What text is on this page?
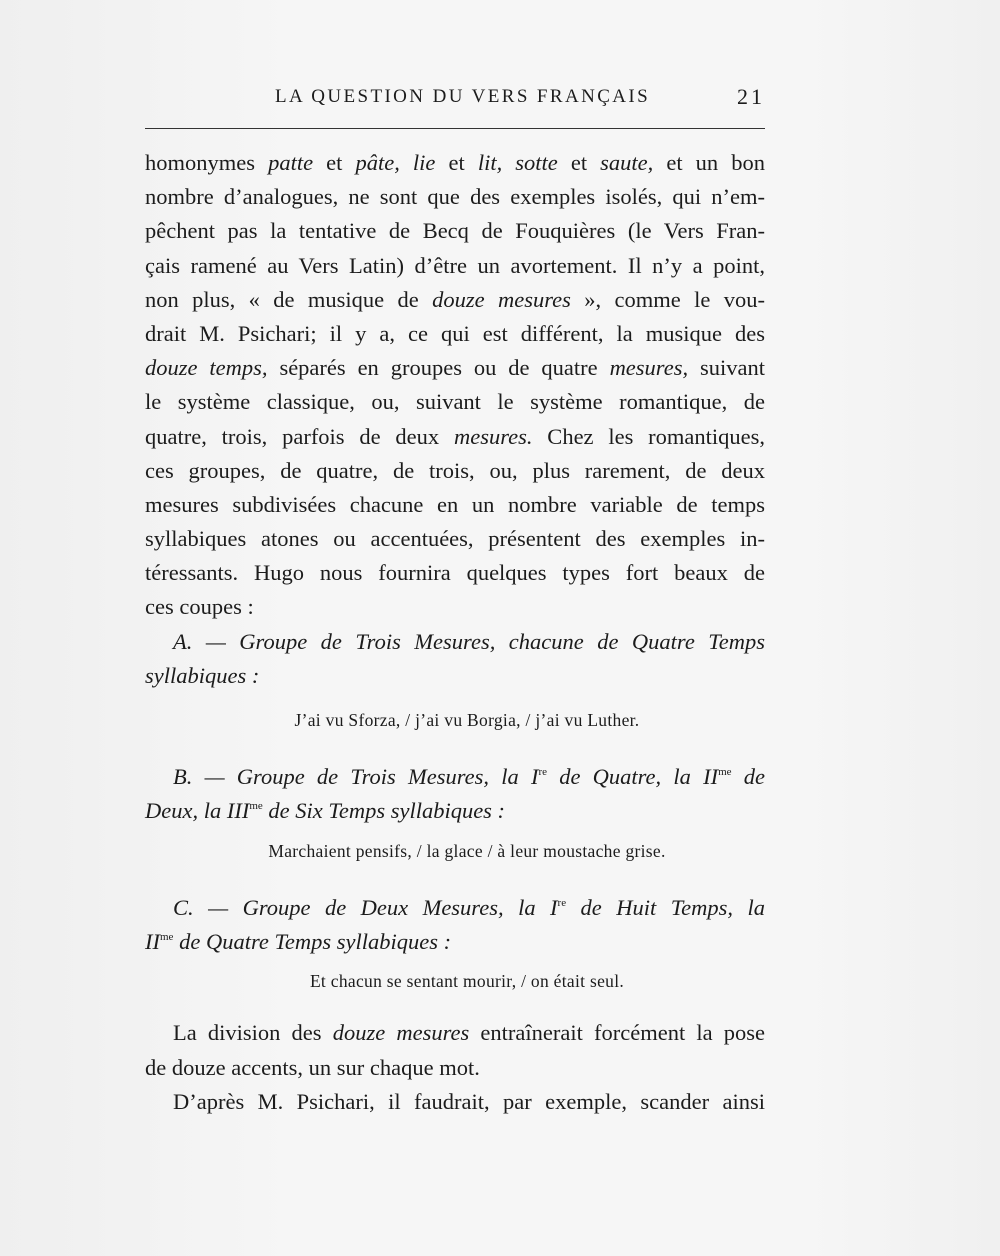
LA QUESTION DU VERS FRANÇAIS	21
homonymes patte et pâte, lie et lit, sotte et saute, et un bon
nombre d’analogues, ne sont que des exemples isolés, qui n’em-
pêchent pas la tentative de Becq de Fouquières (le Vers Fran-
çais ramené au Vers Latin) d’être un avortement. Il n’y a point,
non plus, « de musique de douze mesures », comme le vou-
drait M. Psichari; il y a, ce qui est différent, la musique des
douze temps, séparés en groupes ou de quatre mesures, suivant
le système classique, ou, suivant le système romantique, de
quatre, trois, parfois de deux mesures. Chez les romantiques,
ces groupes, de quatre, de trois, ou, plus rarement, de deux
mesures subdivisées chacune en un nombre variable de temps
syllabiques atones ou accentuées, présentent des exemples in-
téressants. Hugo nous fournira quelques types fort beaux de
ces coupes :
A. — Groupe de Trois Mesures, chacune de Quatre Temps
syllabiques :
J’ai vu Sforza, / j’ai vu Borgia, / j’ai vu Luther.
B. — Groupe de Trois Mesures, la Ire de Quatre, la $II^{me}$ de
Deux, la $III^{me}$ de Six Temps syllabiques :
Marchaient pensifs, / la glace / à leur moustache grise.
C. — Groupe de Deux Mesures, la Ire de Huit Temps, la
$II^{me}$ de Quatre Temps syllabiques :
Et chacun se sentant mourir, / on était seul.
La division des douze mesures entraînerait forcément la pose
de douze accents, un sur chaque mot.
D’après M. Psichari, il faudrait, par exemple, scander ainsi
